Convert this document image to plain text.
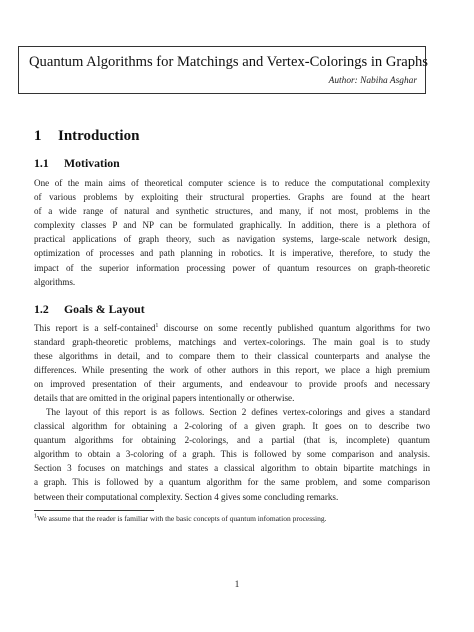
Quantum Algorithms for Matchings and Vertex-Colorings in Graphs
Author: Nabiha Asghar
1 Introduction
1.1 Motivation
One of the main aims of theoretical computer science is to reduce the computational complexity
of various problems by exploiting their structural properties. Graphs are found at the heart
of a wide range of natural and synthetic structures, and many, if not most, problems in the
complexity classes P and NP can be formulated graphically. In addition, there is a plethora of
practical applications of graph theory, such as navigation systems, large-scale network design,
optimization of processes and path planning in robotics. It is imperative, therefore, to study the
impact of the superior information processing power of quantum resources on graph-theoretic
algorithms.
1.2 Goals & Layout
This report is a self-contained$^1$ discourse on some recently published quantum algorithms for two
standard graph-theoretic problems, matchings and vertex-colorings. The main goal is to study
these algorithms in detail, and to compare them to their classical counterparts and analyse the
differences. While presenting the work of other authors in this report, we place a high premium
on improved presentation of their arguments, and endeavour to provide proofs and necessary
details that are omitted in the original papers intentionally or otherwise.
The layout of this report is as follows. Section 2 defines vertex-colorings and gives a standard
classical algorithm for obtaining a 2-coloring of a given graph. It goes on to describe two
quantum algorithms for obtaining 2-colorings, and a partial (that is, incomplete) quantum
algorithm to obtain a 3-coloring of a graph. This is followed by some comparison and analysis.
Section 3 focuses on matchings and states a classical algorithm to obtain bipartite matchings in
a graph. This is followed by a quantum algorithm for the same problem, and some comparison
between their computational complexity. Section 4 gives some concluding remarks.
$^1$We assume that the reader is familiar with the basic concepts of quantum infomation processing.
1
